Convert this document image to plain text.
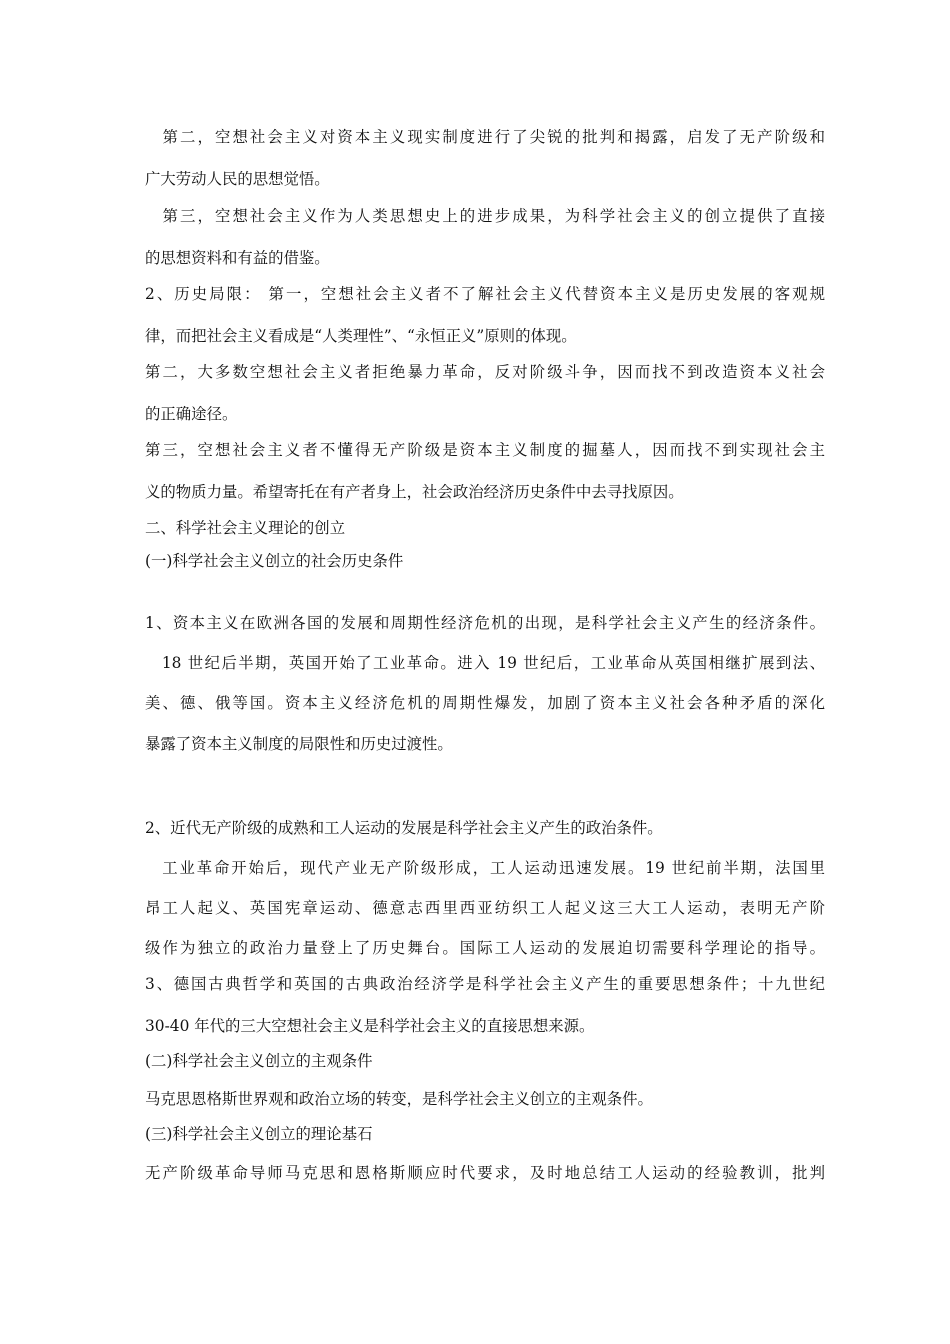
　第二，空想社会主义对资本主义现实制度进行了尖锐的批判和揭露，启发了无产阶级和
广大劳动人民的思想觉悟。
　第三，空想社会主义作为人类思想史上的进步成果，为科学社会主义的创立提供了直接
的思想资料和有益的借鉴。
2、历史局限： 第一，空想社会主义者不了解社会主义代替资本主义是历史发展的客观规
律，而把社会主义看成是“人类理性”、“永恒正义”原则的体现。
第二，大多数空想社会主义者拒绝暴力革命，反对阶级斗争，因而找不到改造资本义社会
的正确途径。
第三，空想社会主义者不懂得无产阶级是资本主义制度的掘墓人，因而找不到实现社会主
义的物质力量。希望寄托在有产者身上，社会政治经济历史条件中去寻找原因。
二、科学社会主义理论的创立
(一)科学社会主义创立的社会历史条件
1、资本主义在欧洲各国的发展和周期性经济危机的出现，是科学社会主义产生的经济条件。
　18 世纪后半期，英国开始了工业革命。进入 19 世纪后，工业革命从英国相继扩展到法、
美、德、俄等国。资本主义经济危机的周期性爆发，加剧了资本主义社会各种矛盾的深化
暴露了资本主义制度的局限性和历史过渡性。
2、近代无产阶级的成熟和工人运动的发展是科学社会主义产生的政治条件。
　工业革命开始后，现代产业无产阶级形成，工人运动迅速发展。19 世纪前半期，法国里
昂工人起义、英国宪章运动、德意志西里西亚纺织工人起义这三大工人运动，表明无产阶
级作为独立的政治力量登上了历史舞台。国际工人运动的发展迫切需要科学理论的指导。
3、德国古典哲学和英国的古典政治经济学是科学社会主义产生的重要思想条件；十九世纪
30-40 年代的三大空想社会主义是科学社会主义的直接思想来源。
(二)科学社会主义创立的主观条件
马克思恩格斯世界观和政治立场的转变，是科学社会主义创立的主观条件。
(三)科学社会主义创立的理论基石
无产阶级革命导师马克思和恩格斯顺应时代要求，及时地总结工人运动的经验教训，批判
